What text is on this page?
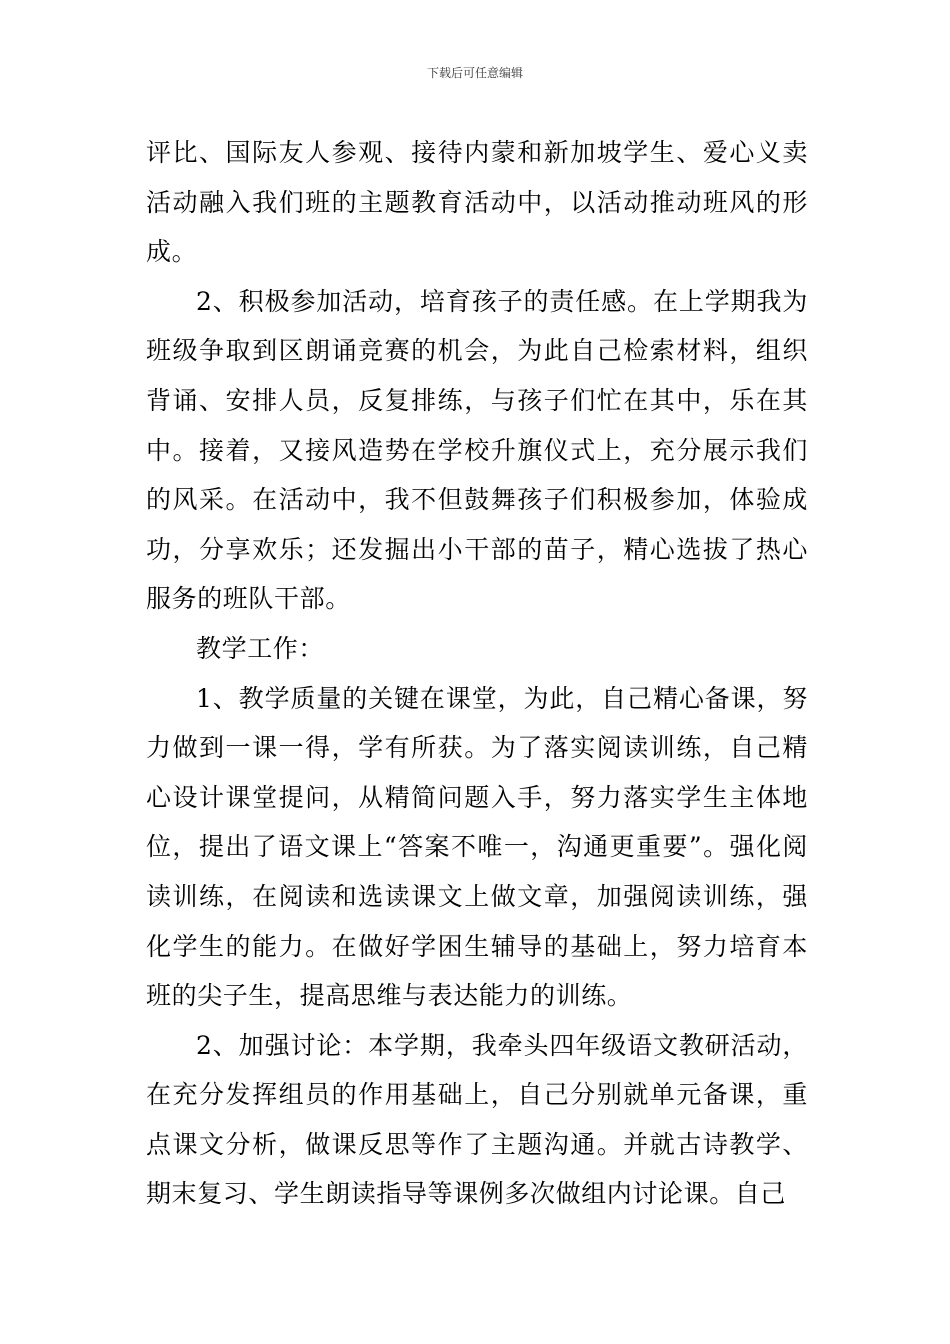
下载后可任意编辑

评比、国际友人参观、接待内蒙和新加坡学生、爱心义卖活动融入我们班的主题教育活动中，以活动推动班风的形成。

2、积极参加活动，培育孩子的责任感。在上学期我为班级争取到区朗诵竞赛的机会，为此自己检索材料，组织背诵、安排人员，反复排练，与孩子们忙在其中，乐在其中。接着，又接风造势在学校升旗仪式上，充分展示我们的风采。在活动中，我不但鼓舞孩子们积极参加，体验成功，分享欢乐；还发掘出小干部的苗子，精心选拔了热心服务的班队干部。

教学工作：

1、教学质量的关键在课堂，为此，自己精心备课，努力做到一课一得，学有所获。为了落实阅读训练，自己精心设计课堂提问，从精简问题入手，努力落实学生主体地位，提出了语文课上“答案不唯一，沟通更重要”。强化阅读训练，在阅读和选读课文上做文章，加强阅读训练，强化学生的能力。在做好学困生辅导的基础上，努力培育本班的尖子生，提高思维与表达能力的训练。

2、加强讨论：本学期，我牵头四年级语文教研活动，在充分发挥组员的作用基础上，自己分别就单元备课，重点课文分析，做课反思等作了主题沟通。并就古诗教学、期末复习、学生朗读指导等课例多次做组内讨论课。自己
